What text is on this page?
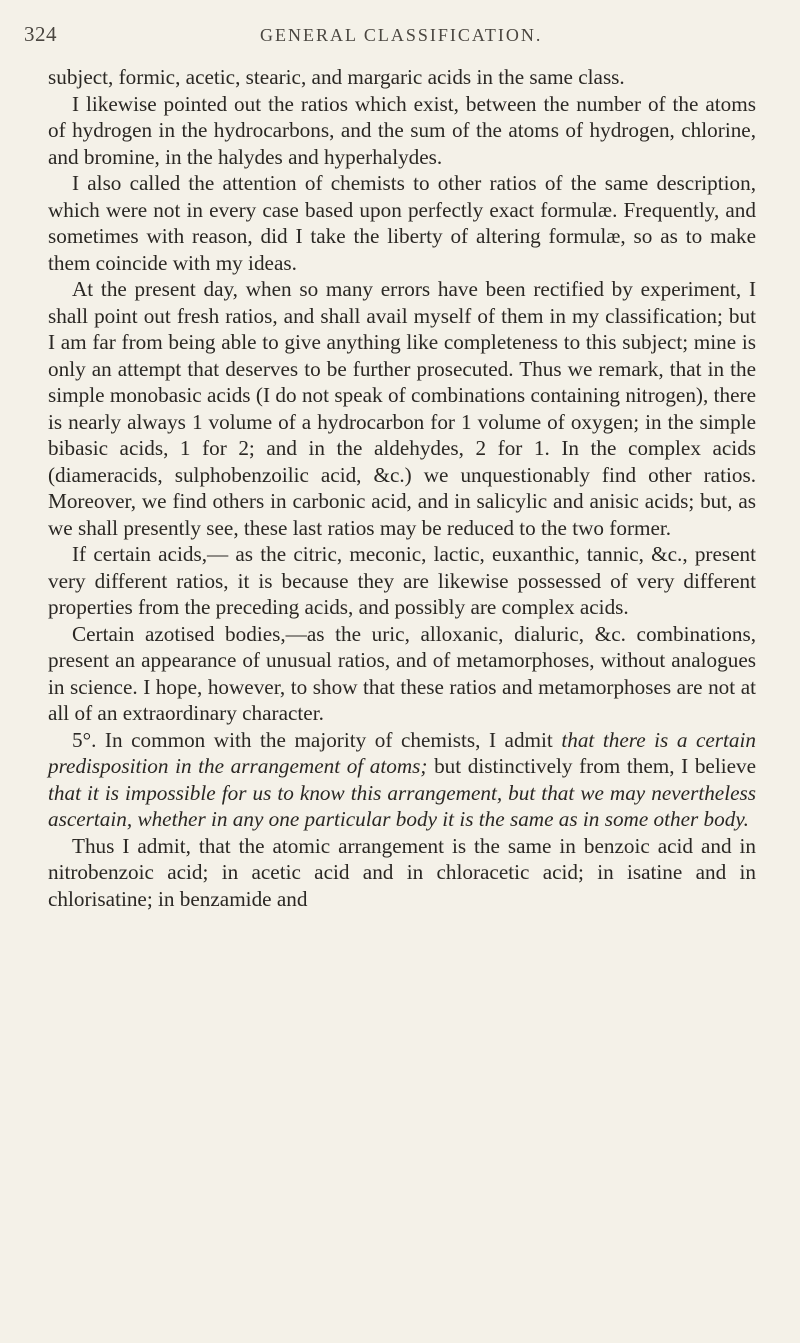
324	GENERAL CLASSIFICATION.

subject, formic, acetic, stearic, and margaric acids in the same class.

I likewise pointed out the ratios which exist, between the number of the atoms of hydrogen in the hydrocarbons, and the sum of the atoms of hydrogen, chlorine, and bromine, in the halydes and hyperhalydes.

I also called the attention of chemists to other ratios of the same description, which were not in every case based upon perfectly exact formulæ. Frequently, and sometimes with reason, did I take the liberty of altering formulæ, so as to make them coincide with my ideas.

At the present day, when so many errors have been rectified by experiment, I shall point out fresh ratios, and shall avail myself of them in my classification; but I am far from being able to give anything like completeness to this subject; mine is only an attempt that deserves to be further prosecuted. Thus we remark, that in the simple monobasic acids (I do not speak of combinations containing nitrogen), there is nearly always 1 volume of a hydrocarbon for 1 volume of oxygen; in the simple bibasic acids, 1 for 2; and in the aldehydes, 2 for 1. In the complex acids (diameracids, sulphobenzoilic acid, &c.) we unquestionably find other ratios. Moreover, we find others in carbonic acid, and in salicylic and anisic acids; but, as we shall presently see, these last ratios may be reduced to the two former.

If certain acids,— as the citric, meconic, lactic, euxanthic, tannic, &c., present very different ratios, it is because they are likewise possessed of very different properties from the preceding acids, and possibly are complex acids.

Certain azotised bodies,—as the uric, alloxanic, dialuric, &c. combinations, present an appearance of unusual ratios, and of metamorphoses, without analogues in science. I hope, however, to show that these ratios and metamorphoses are not at all of an extraordinary character.

5°. In common with the majority of chemists, I admit that there is a certain predisposition in the arrangement of atoms; but distinctively from them, I believe that it is impossible for us to know this arrangement, but that we may nevertheless ascertain, whether in any one particular body it is the same as in some other body.

Thus I admit, that the atomic arrangement is the same in benzoic acid and in nitrobenzoic acid; in acetic acid and in chloracetic acid; in isatine and in chlorisatine; in benzamide and
